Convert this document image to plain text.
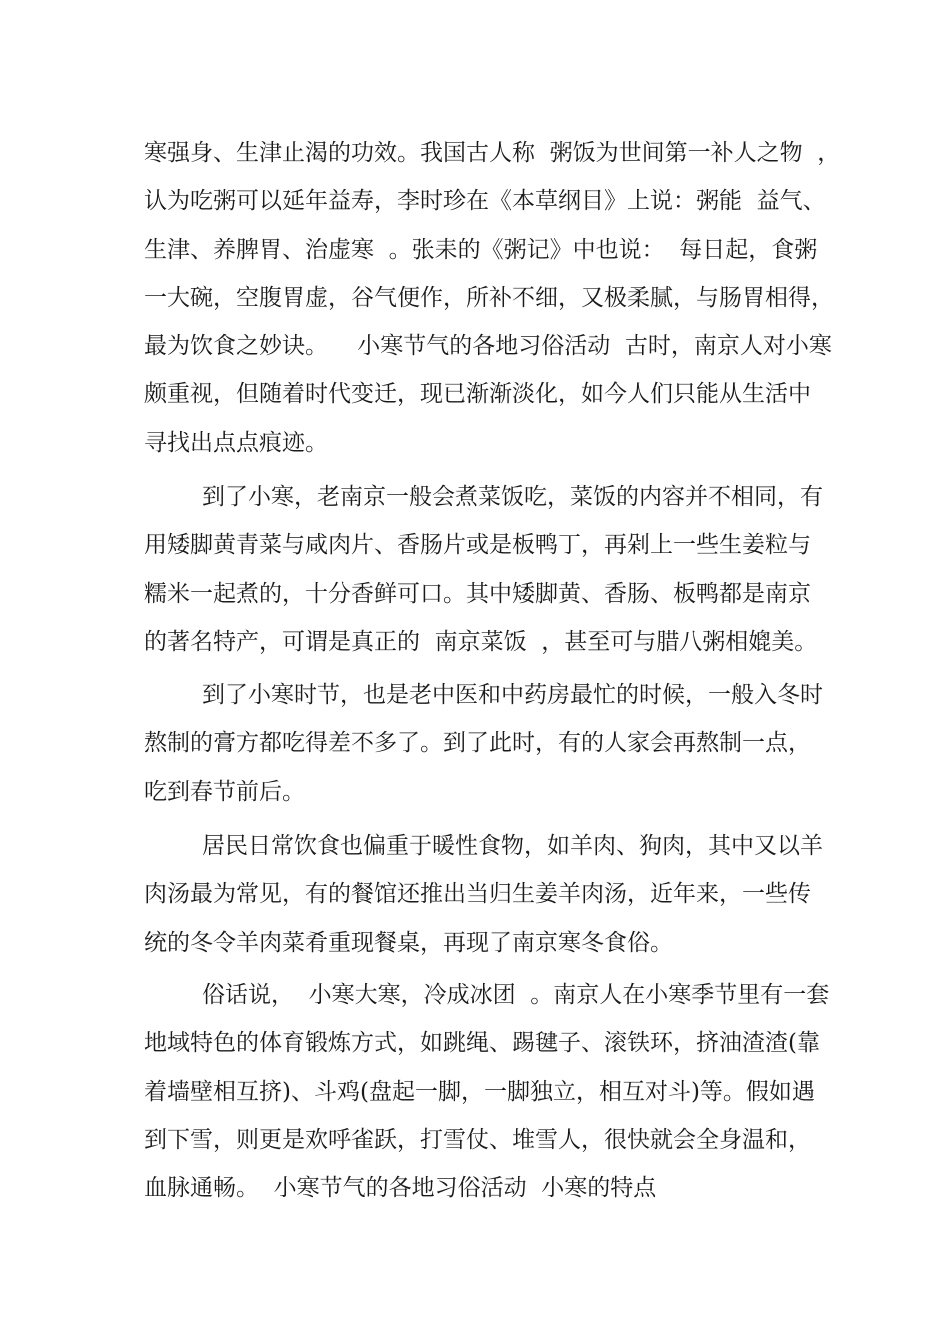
寒强身、生津止渴的功效。我国古人称  粥饭为世间第一补人之物  ，
认为吃粥可以延年益寿，李时珍在《本草纲目》上说：粥能  益气、
生津、养脾胃、治虚寒  。张耒的《粥记》中也说：  每日起，食粥
一大碗，空腹胃虚，谷气便作，所补不细，又极柔腻，与肠胃相得，
最为饮食之妙诀。    小寒节气的各地习俗活动  古时，南京人对小寒
颇重视，但随着时代变迁，现已渐渐淡化，如今人们只能从生活中
寻找出点点痕迹。
到了小寒，老南京一般会煮菜饭吃，菜饭的内容并不相同，有
用矮脚黄青菜与咸肉片、香肠片或是板鸭丁，再剁上一些生姜粒与
糯米一起煮的，十分香鲜可口。其中矮脚黄、香肠、板鸭都是南京
的著名特产，可谓是真正的  南京菜饭  ，甚至可与腊八粥相媲美。
到了小寒时节，也是老中医和中药房最忙的时候，一般入冬时
熬制的膏方都吃得差不多了。到了此时，有的人家会再熬制一点，
吃到春节前后。
居民日常饮食也偏重于暖性食物，如羊肉、狗肉，其中又以羊
肉汤最为常见，有的餐馆还推出当归生姜羊肉汤，近年来，一些传
统的冬令羊肉菜肴重现餐桌，再现了南京寒冬食俗。
俗话说，  小寒大寒，冷成冰团  。南京人在小寒季节里有一套
地域特色的体育锻炼方式，如跳绳、踢毽子、滚铁环，挤油渣渣(靠
着墙壁相互挤)、斗鸡(盘起一脚，一脚独立，相互对斗)等。假如遇
到下雪，则更是欢呼雀跃，打雪仗、堆雪人，很快就会全身温和，
血脉通畅。  小寒节气的各地习俗活动  小寒的特点
